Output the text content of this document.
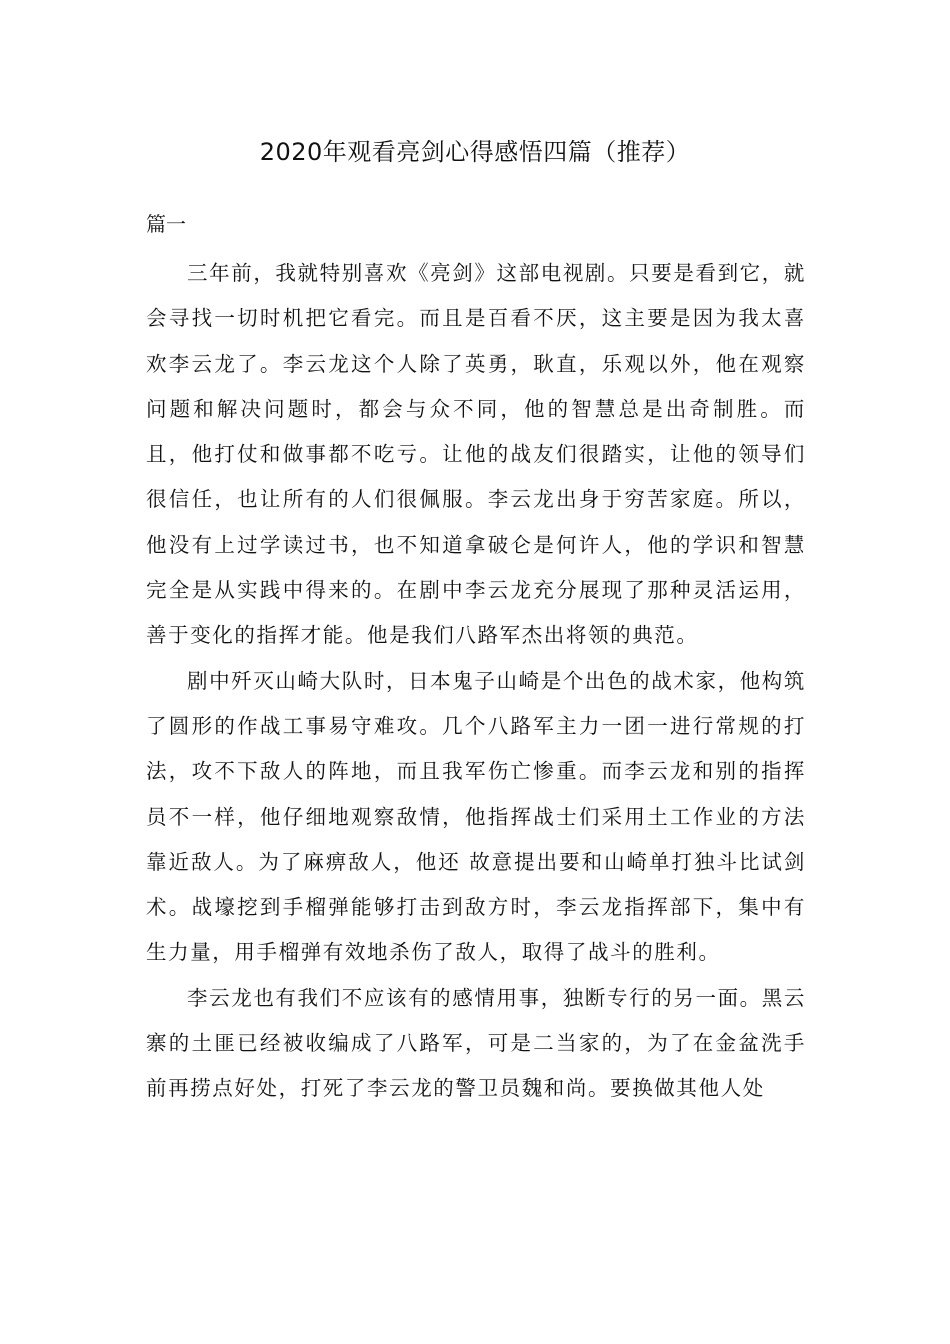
2020年观看亮剑心得感悟四篇（推荐）
篇一

三年前，我就特别喜欢《亮剑》这部电视剧。只要是看到它，就会寻找一切时机把它看完。而且是百看不厌，这主要是因为我太喜欢李云龙了。李云龙这个人除了英勇，耿直，乐观以外，他在观察问题和解决问题时，都会与众不同，他的智慧总是出奇制胜。而且，他打仗和做事都不吃亏。让他的战友们很踏实，让他的领导们很信任，也让所有的人们很佩服。李云龙出身于穷苦家庭。所以，他没有上过学读过书，也不知道拿破仑是何许人，他的学识和智慧完全是从实践中得来的。在剧中李云龙充分展现了那种灵活运用，善于变化的指挥才能。他是我们八路军杰出将领的典范。

剧中歼灭山崎大队时，日本鬼子山崎是个出色的战术家，他构筑了圆形的作战工事易守难攻。几个八路军主力一团一进行常规的打法，攻不下敌人的阵地，而且我军伤亡惨重。而李云龙和别的指挥员不一样，他仔细地观察敌情，他指挥战士们采用土工作业的方法靠近敌人。为了麻痹敌人，他还 故意提出要和山崎单打独斗比试剑术。战壕挖到手榴弹能够打击到敌方时，李云龙指挥部下，集中有生力量，用手榴弹有效地杀伤了敌人，取得了战斗的胜利。

李云龙也有我们不应该有的感情用事，独断专行的另一面。黑云寨的土匪已经被收编成了八路军，可是二当家的，为了在金盆洗手前再捞点好处，打死了李云龙的警卫员魏和尚。要换做其他人处
